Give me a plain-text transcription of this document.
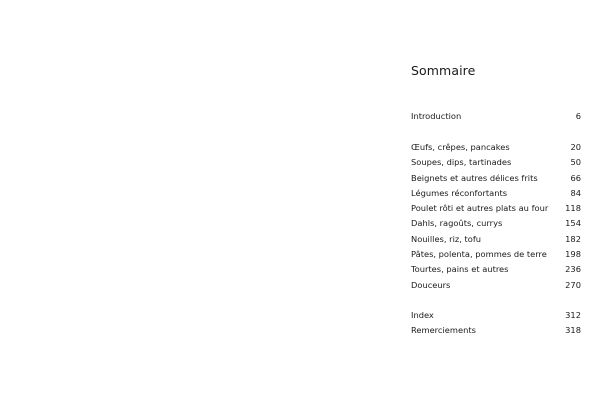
Sommaire
Introduction	6
Œufs, crêpes, pancakes	20
Soupes, dips, tartinades	50
Beignets et autres délices frits	66
Légumes réconfortants	84
Poulet rôti et autres plats au four	118
Dahls, ragoûts, currys	154
Nouilles, riz, tofu	182
Pâtes, polenta, pommes de terre	198
Tourtes, pains et autres	236
Douceurs	270
Index	312
Remerciements	318
